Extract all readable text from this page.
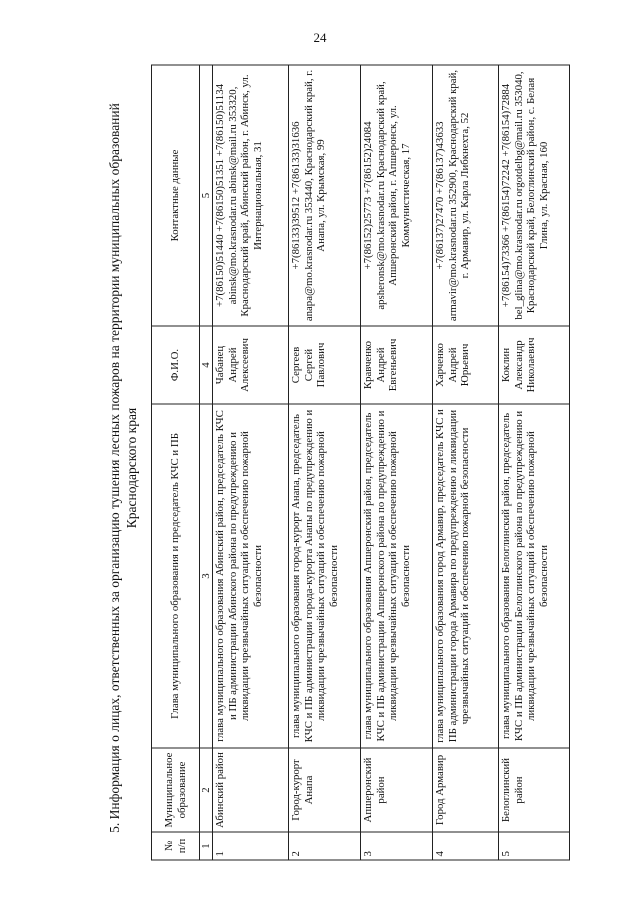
24
5. Информация о лицах, ответственных за организацию тушения лесных пожаров на территории муниципальных образований Краснодарского края
№ п/п	Муниципальное образование	Глава муниципального образования и председатель КЧС и ПБ	Ф.И.О.	Контактные данные
1	2	3	4	5
1	Абинский район	глава муниципального образования Абинский район, председатель КЧС и ПБ администрации Абинского района по предупреждению и ликвидации чрезвычайных ситуаций и обеспечению пожарной безопасности	Чабанец Андрей Алексеевич	+7(86150)51440 +7(86150)51351 +7(86150)51134 abinsk@mo.krasnodar.ru abinsk@mail.ru 353320, Краснодарский край, Абинский район, г. Абинск, ул. Интернациональная, 31
2	Город-курорт Анапа	глава муниципального образования город-курорт Анапа, председатель КЧС и ПБ администрации города-курорта Анапы по предупреждению и ликвидации чрезвычайных ситуаций и обеспечению пожарной безопасности	Сергеев Сергей Павлович	+7(86133)39512 +7(86133)31636 anapa@mo.krasnodar.ru 353440, Краснодарский край, г. Анапа, ул. Крымская, 99
3	Апшеронский район	глава муниципального образования Апшеронский район, председатель КЧС и ПБ администрации Апшеронского района по предупреждению и ликвидации чрезвычайных ситуаций и обеспечению пожарной безопасности	Кравченко Андрей Евгеньевич	+7(86152)25773 +7(86152)24084 apsheronsk@mo.krasnodar.ru Краснодарский край, Апшеронский район, г. Апшеронск, ул. Коммунистическая, 17
4	Город Армавир	глава муниципального образования город Армавир, председатель КЧС и ПБ администрации города Армавира по предупреждению и ликвидации чрезвычайных ситуаций и обеспечению пожарной безопасности	Харченко Андрей Юрьевич	+7(86137)27470 +7(86137)43633 armavir@mo.krasnodar.ru 352900, Краснодарский край, г. Армавир, ул. Карла Либкнехта, 52
5	Белоглинский район	глава муниципального образования Белоглинский район, председатель КЧС и ПБ администрации Белоглинского района по предупреждению и ликвидации чрезвычайных ситуаций и обеспечению пожарной безопасности	Коклин Александр Николаевич	+7(86154)73366 +7(86154)72242 +7(86154)72884 bel_glina@mo.krasnodar.ru orgotdelbg@mail.ru 353040, Краснодарский край, Белоглинский район, с. Белая Глина, ул. Красная, 160
